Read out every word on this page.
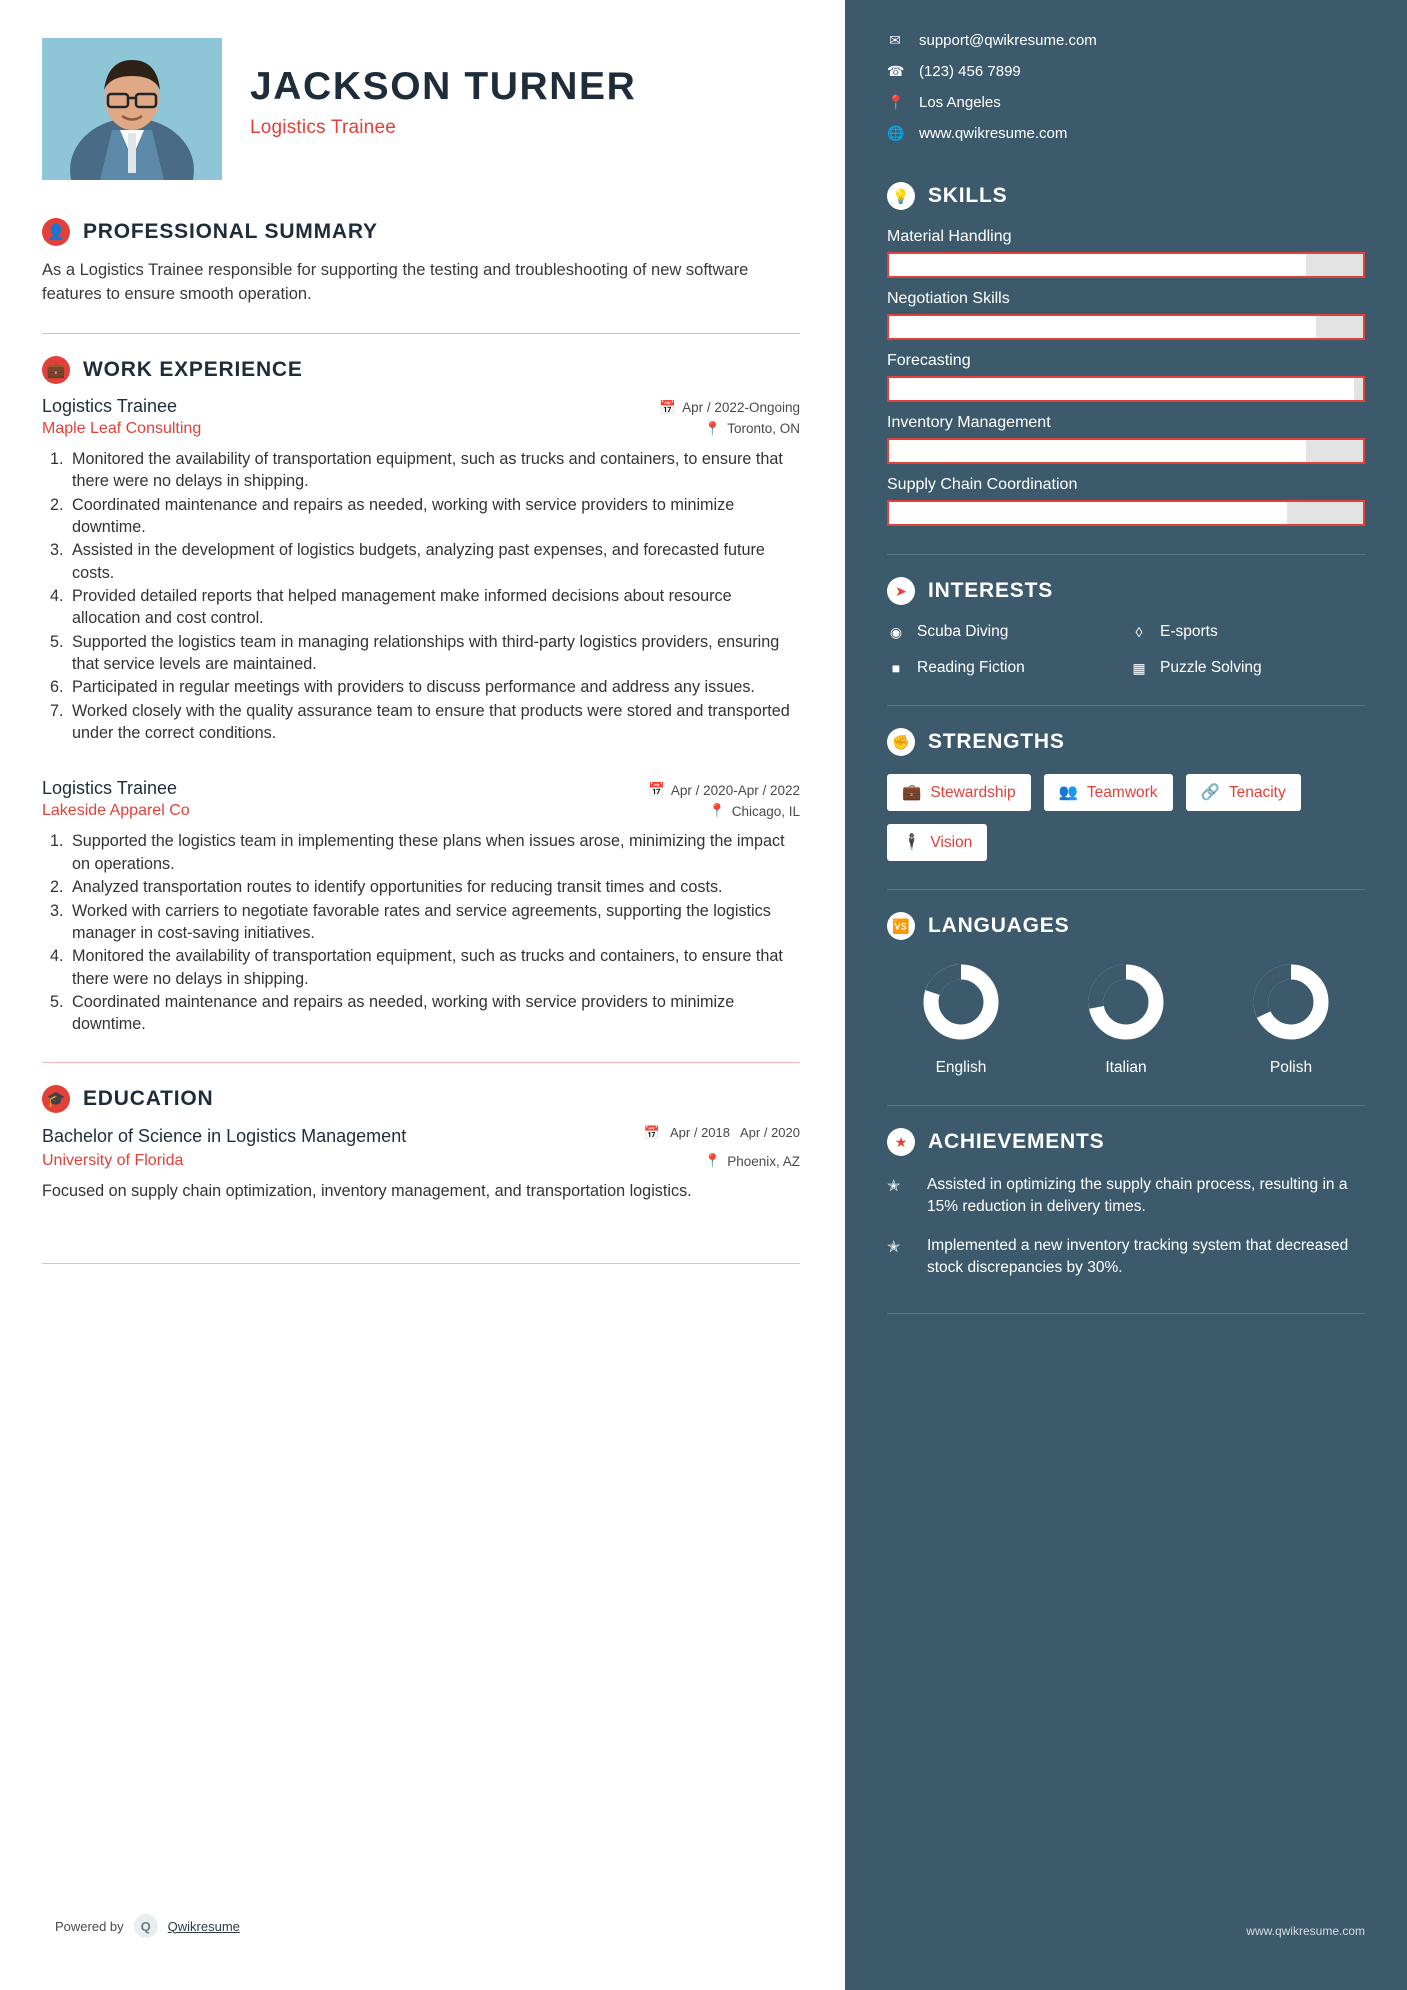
JACKSON TURNER
Logistics Trainee
👤 PROFESSIONAL SUMMARY
As a Logistics Trainee responsible for supporting the testing and troubleshooting of new software features to ensure smooth operation.
💼 WORK EXPERIENCE
Logistics Trainee	📅 Apr / 2022-Ongoing
Maple Leaf Consulting	📍 Toronto, ON
1. Monitored the availability of transportation equipment, such as trucks and containers, to ensure that there were no delays in shipping.
2. Coordinated maintenance and repairs as needed, working with service providers to minimize downtime.
3. Assisted in the development of logistics budgets, analyzing past expenses, and forecasted future costs.
4. Provided detailed reports that helped management make informed decisions about resource allocation and cost control.
5. Supported the logistics team in managing relationships with third-party logistics providers, ensuring that service levels are maintained.
6. Participated in regular meetings with providers to discuss performance and address any issues.
7. Worked closely with the quality assurance team to ensure that products were stored and transported under the correct conditions.
Logistics Trainee	📅 Apr / 2020-Apr / 2022
Lakeside Apparel Co	📍 Chicago, IL
1. Supported the logistics team in implementing these plans when issues arose, minimizing the impact on operations.
2. Analyzed transportation routes to identify opportunities for reducing transit times and costs.
3. Worked with carriers to negotiate favorable rates and service agreements, supporting the logistics manager in cost-saving initiatives.
4. Monitored the availability of transportation equipment, such as trucks and containers, to ensure that there were no delays in shipping.
5. Coordinated maintenance and repairs as needed, working with service providers to minimize downtime.
🎓 EDUCATION
Bachelor of Science in Logistics Management	📅 Apr / 2018 Apr / 2020
University of Florida	📍 Phoenix, AZ
Focused on supply chain optimization, inventory management, and transportation logistics.
Powered by	Q	Qwikresume
✉ support@qwikresume.com
☎ (123) 456 7899
📍 Los Angeles
🌐 www.qwikresume.com
💡 SKILLS
Material Handling
Negotiation Skills
Forecasting
Inventory Management
Supply Chain Coordination
➤	INTERESTS
◉ Scuba Diving	◊	E-sports
■	Reading Fiction	▦ Puzzle Solving
✊ STRENGTHS
💼 Stewardship	👥 Teamwork	🔗 Tenacity
🕴 Vision
🆚 LANGUAGES
English	Italian	Polish
★ ACHIEVEMENTS
✭	Assisted in optimizing the supply chain process, resulting in a 15% reduction in delivery times.
✭	Implemented a new inventory tracking system that decreased stock discrepancies by 30%.
www.qwikresume.com
